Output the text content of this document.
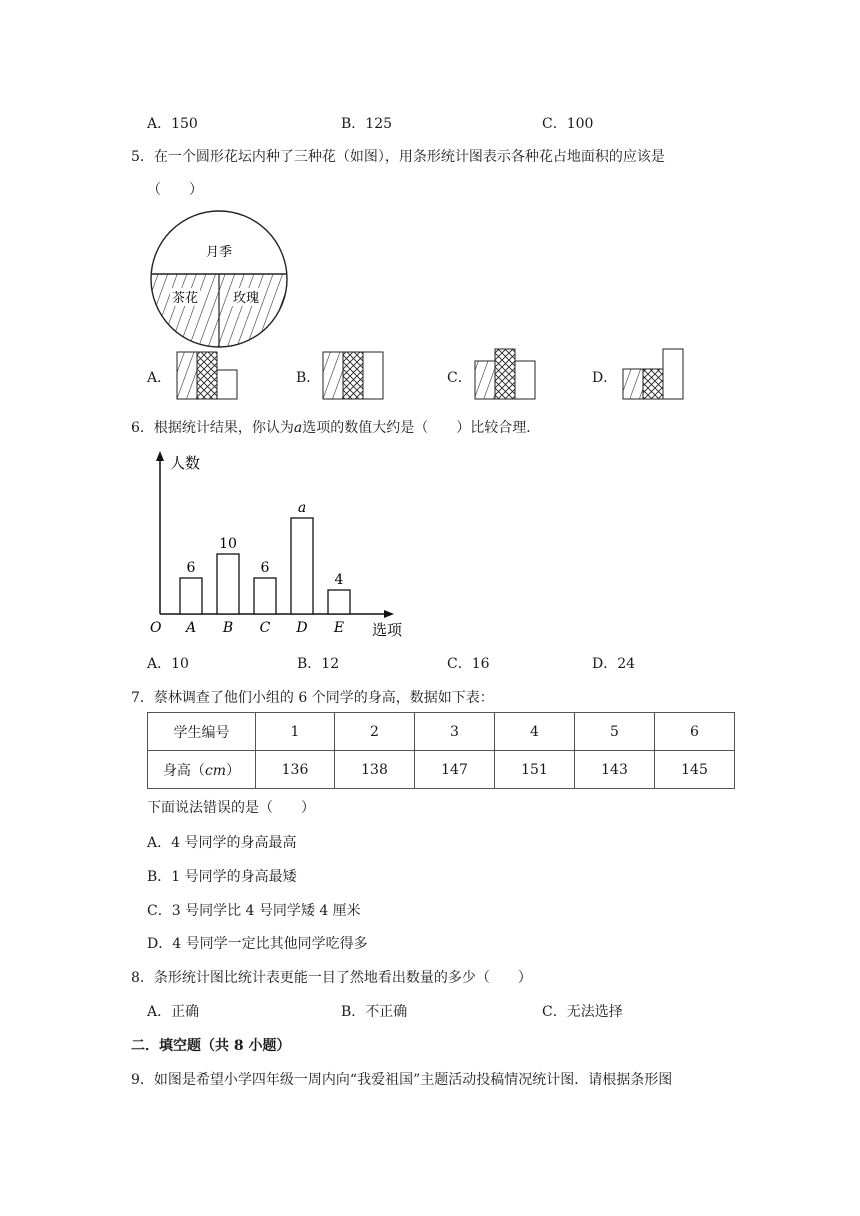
A．150	B．125	C．100
5．在一个圆形花坛内种了三种花（如图），用条形统计图表示各种花占地面积的应该是
（　　）
月季
茶花	玫瑰
A．	B．	C．	D．
6．根据统计结果，你认为a选项的数值大约是（　　）比较合理．
人数
选项
O
6
A
10
B
6
C
a
D
4
E
A．10	B．12	C．16	D．24
7．蔡林调查了他们小组的 6 个同学的身高，数据如下表：
学生编号	1	2	3	4	5	6
身高（cm）	136	138	147	151	143	145
下面说法错误的是（　　）
A．4 号同学的身高最高
B．1 号同学的身高最矮
C．3 号同学比 4 号同学矮 4 厘米
D．4 号同学一定比其他同学吃得多
8．条形统计图比统计表更能一目了然地看出数量的多少（　　）
A．正确	B．不正确	C．无法选择
二．填空题（共 8 小题）
9．如图是希望小学四年级一周内向“我爱祖国”主题活动投稿情况统计图．请根据条形图
